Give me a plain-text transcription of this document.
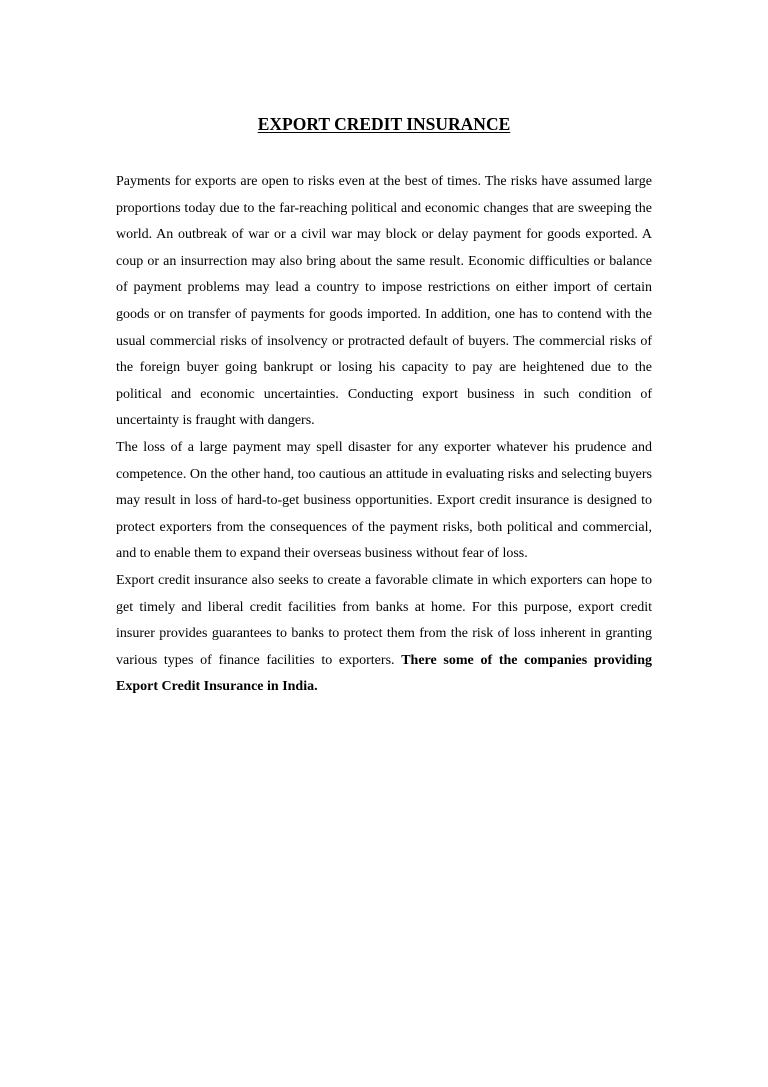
EXPORT CREDIT INSURANCE

Payments for exports are open to risks even at the best of times. The risks have assumed large proportions today due to the far-reaching political and economic changes that are sweeping the world. An outbreak of war or a civil war may block or delay payment for goods exported. A coup or an insurrection may also bring about the same result. Economic difficulties or balance of payment problems may lead a country to impose restrictions on either import of certain goods or on transfer of payments for goods imported. In addition, one has to contend with the usual commercial risks of insolvency or protracted default of buyers. The commercial risks of the foreign buyer going bankrupt or losing his capacity to pay are heightened due to the political and economic uncertainties. Conducting export business in such condition of uncertainty is fraught with dangers.

The loss of a large payment may spell disaster for any exporter whatever his prudence and competence. On the other hand, too cautious an attitude in evaluating risks and selecting buyers may result in loss of hard-to-get business opportunities. Export credit insurance is designed to protect exporters from the consequences of the payment risks, both political and commercial, and to enable them to expand their overseas business without fear of loss.

Export credit insurance also seeks to create a favorable climate in which exporters can hope to get timely and liberal credit facilities from banks at home. For this purpose, export credit insurer provides guarantees to banks to protect them from the risk of loss inherent in granting various types of finance facilities to exporters. There some of the companies providing Export Credit Insurance in India.
